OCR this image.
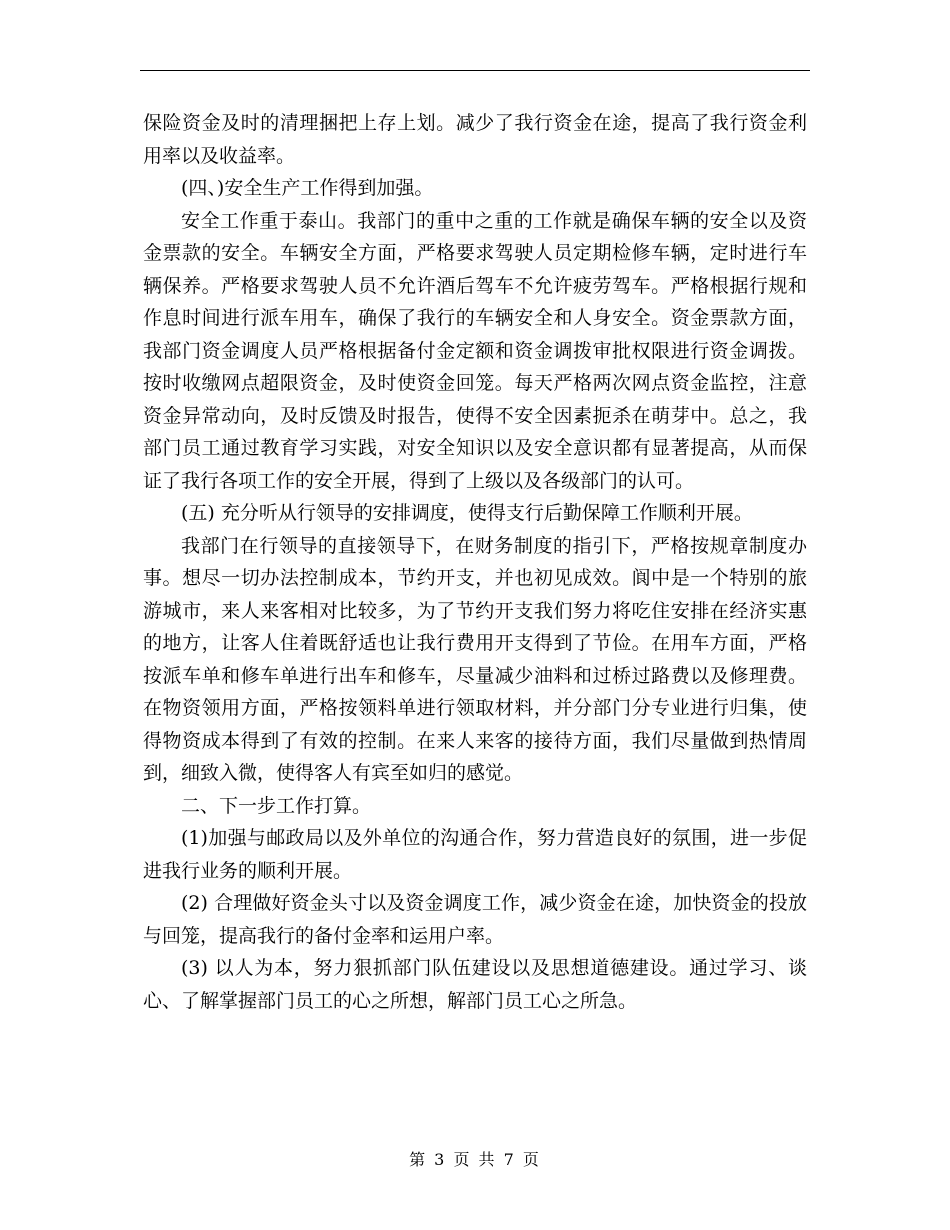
保险资金及时的清理捆把上存上划。减少了我行资金在途，提高了我行资金利用率以及收益率。

(四、)安全生产工作得到加强。

安全工作重于泰山。我部门的重中之重的工作就是确保车辆的安全以及资金票款的安全。车辆安全方面，严格要求驾驶人员定期检修车辆，定时进行车辆保养。严格要求驾驶人员不允许酒后驾车不允许疲劳驾车。严格根据行规和作息时间进行派车用车，确保了我行的车辆安全和人身安全。资金票款方面，我部门资金调度人员严格根据备付金定额和资金调拨审批权限进行资金调拨。按时收缴网点超限资金，及时使资金回笼。每天严格两次网点资金监控，注意资金异常动向，及时反馈及时报告，使得不安全因素扼杀在萌芽中。总之，我部门员工通过教育学习实践，对安全知识以及安全意识都有显著提高，从而保证了我行各项工作的安全开展，得到了上级以及各级部门的认可。

(五) 充分听从行领导的安排调度，使得支行后勤保障工作顺利开展。

我部门在行领导的直接领导下，在财务制度的指引下，严格按规章制度办事。想尽一切办法控制成本，节约开支，并也初见成效。阆中是一个特别的旅游城市，来人来客相对比较多，为了节约开支我们努力将吃住安排在经济实惠的地方，让客人住着既舒适也让我行费用开支得到了节俭。在用车方面，严格按派车单和修车单进行出车和修车，尽量减少油料和过桥过路费以及修理费。在物资领用方面，严格按领料单进行领取材料，并分部门分专业进行归集，使得物资成本得到了有效的控制。在来人来客的接待方面，我们尽量做到热情周到，细致入微，使得客人有宾至如归的感觉。

二、下一步工作打算。

(1)加强与邮政局以及外单位的沟通合作，努力营造良好的氛围，进一步促进我行业务的顺利开展。

(2) 合理做好资金头寸以及资金调度工作，减少资金在途，加快资金的投放与回笼，提高我行的备付金率和运用户率。

(3) 以人为本，努力狠抓部门队伍建设以及思想道德建设。通过学习、谈心、了解掌握部门员工的心之所想，解部门员工心之所急。

第 3 页 共 7 页
